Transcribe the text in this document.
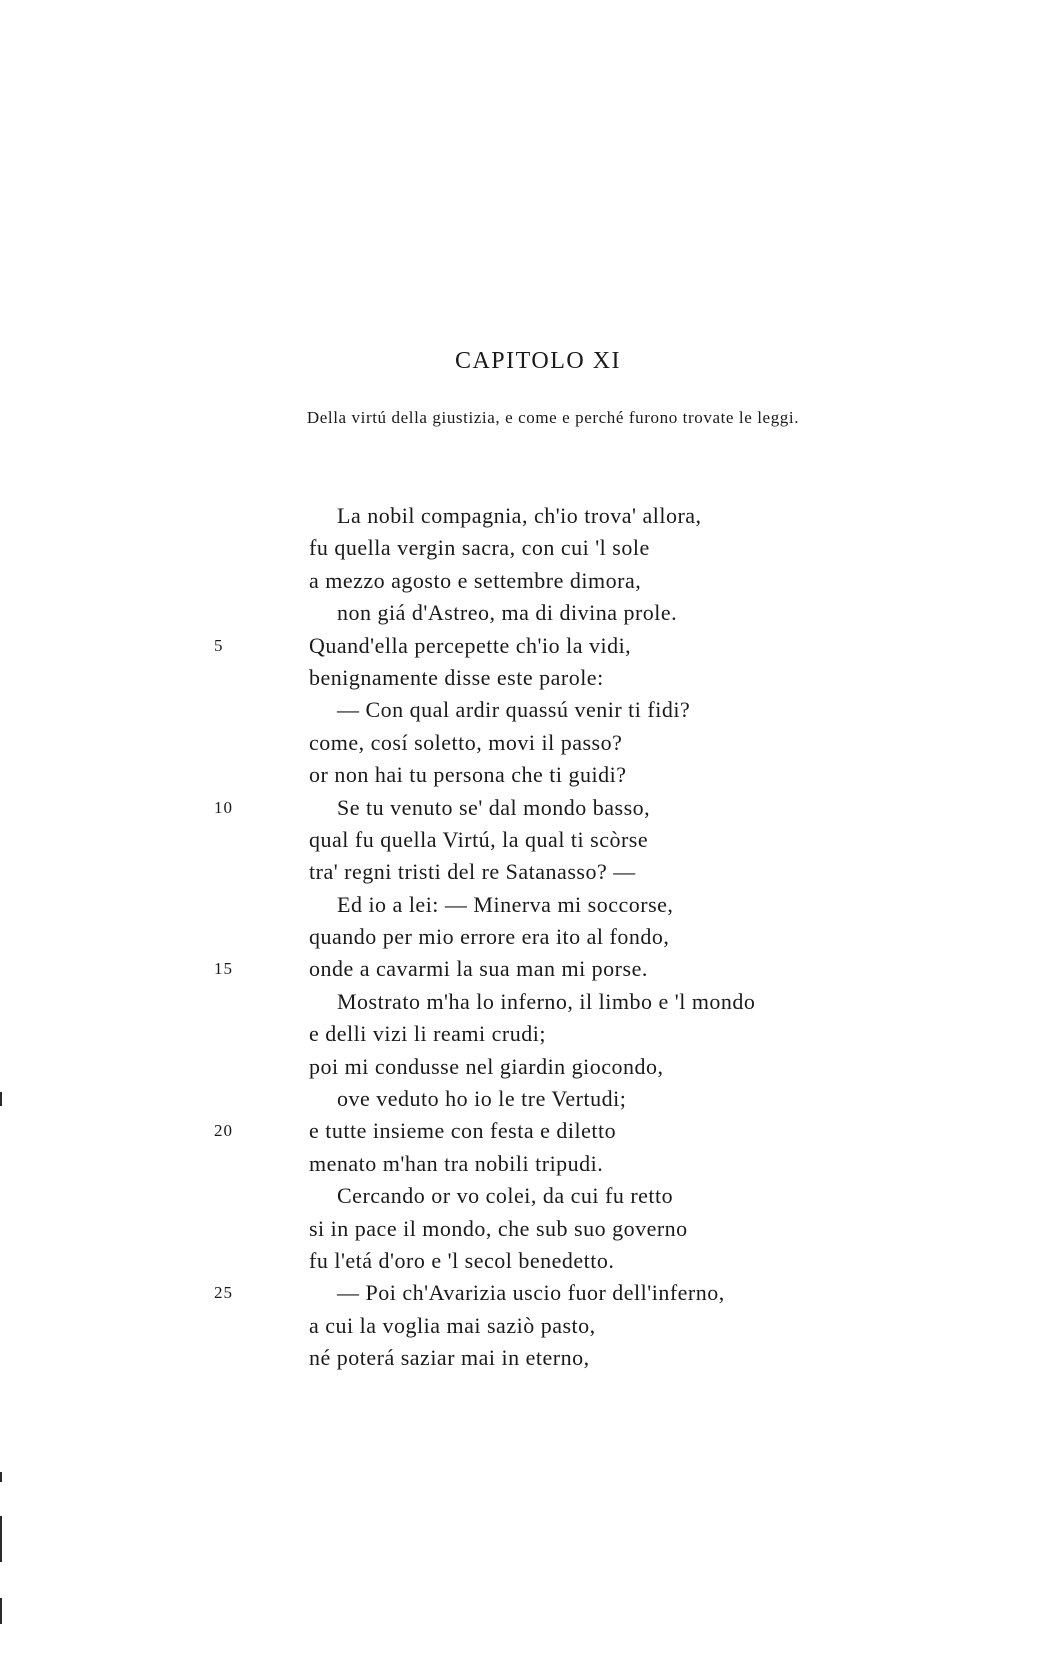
CAPITOLO XI
Della virtú della giustizia, e come e perché furono trovate le leggi.
La nobil compagnia, ch'io trova' allora,
fu quella vergin sacra, con cui 'l sole
a mezzo agosto e settembre dimora,
non giá d'Astreo, ma di divina prole.
5	Quand'ella percepette ch'io la vidi,
benignamente disse este parole:
— Con qual ardir quassú venir ti fidi?
come, cosí soletto, movi il passo?
or non hai tu persona che ti guidi?
10	Se tu venuto se' dal mondo basso,
qual fu quella Virtú, la qual ti scòrse
tra' regni tristi del re Satanasso? —
Ed io a lei: — Minerva mi soccorse,
quando per mio errore era ito al fondo,
15	onde a cavarmi la sua man mi porse.
Mostrato m'ha lo inferno, il limbo e 'l mondo
e delli vizi li reami crudi;
poi mi condusse nel giardin giocondo,
ove veduto ho io le tre Vertudi;
20	e tutte insieme con festa e diletto
menato m'han tra nobili tripudi.
Cercando or vo colei, da cui fu retto
si in pace il mondo, che sub suo governo
fu l'etá d'oro e 'l secol benedetto.
25	— Poi ch'Avarizia uscio fuor dell'inferno,
a cui la voglia mai saziò pasto,
né poterá saziar mai in eterno,
